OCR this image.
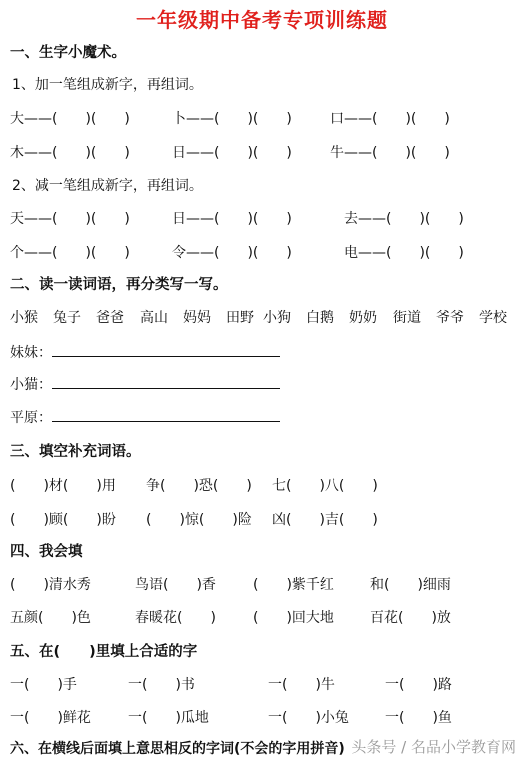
一年级期中备考专项训练题
一、生字小魔术。
1、加一笔组成新字，再组词。
大——(　　)(　　)	卜——(　　)(　　)	口——(　　)(　　)
木——(　　)(　　)	日——(　　)(　　)	牛——(　　)(　　)
2、减一笔组成新字，再组词。
天——(　　)(　　)	日——(　　)(　　)	去——(　　)(　　)
个——(　　)(　　)	令——(　　)(　　)	电——(　　)(　　)
二、读一读词语，再分类写一写。
小猴 兔子 爸爸 高山 妈妈 田野 小狗 白鹅 奶奶 街道 爷爷 学校
妹妹：
小猫：
平原：
三、填空补充词语。
(　　)材(　　)用 争(　　)恐(　　) 七(　　)八(　　)
(　　)顾(　　)盼 (　　)惊(　　)险 凶(　　)吉(　　)
四、我会填
(　　)清水秀	鸟语(　　)香	(　　)紫千红	和(　　)细雨
五颜(　　)色	春暖花(　　)	(　　)回大地	百花(　　)放
五、在(　　)里填上合适的字
一(　　)手	一(　　)书	一(　　)牛	一(　　)路
一(　　)鲜花	一(　　)瓜地	一(　　)小兔	一(　　)鱼
六、在横线后面填上意思相反的字词(不会的字用拼音) 头条号 / 名品小学教育网
